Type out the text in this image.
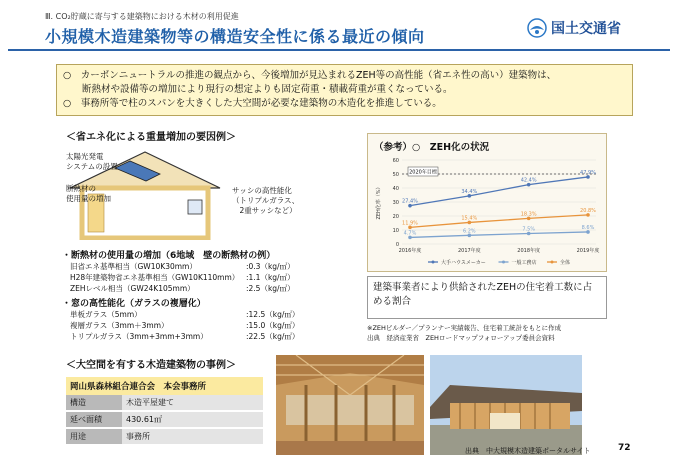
Ⅲ. CO₂貯蔵に寄与する建築物における木材の利用促進
小規模木造建築物等の構造安全性に係る最近の傾向	国土交通省
○　カーボンニュートラルの推進の観点から、今後増加が見込まれるZEH等の高性能（省エネ性の高い）建築物は、
　　断熱材や設備等の増加により現行の想定よりも固定荷重・積載荷重が重くなっている。
○　事務所等で柱のスパンを大きくした大空間が必要な建築物の木造化を推進している。
＜省エネ化による重量増加の要因例＞
太陽光発電
システムの設置
断熱材の
使用量の増加
サッシの高性能化
（トリプルガラス、
　2重サッシなど）
・断熱材の使用量の増加（6地域　壁の断熱材の例）
旧省エネ基準相当（GW10K30mm）	:0.3（kg/㎡）
H28年建築物省エネ基準相当（GW10K110mm） :1.1（kg/㎡）
ZEHレベル相当（GW24K105mm）	:2.5（kg/㎡）
・窓の高性能化（ガラスの複層化）
単板ガラス（5mm）	:12.5（kg/㎡）
複層ガラス（3mm＋3mm）	:15.0（kg/㎡）
トリプルガラス（3mm+3mm+3mm）	:22.5（kg/㎡）
（参考）○　ZEH化の状況
0
10
20
30
40
50
60
ZEH化率（%）
2020年目標
2016年度	2017年度	2018年度	2019年度
27.4%
34.4%
42.4%
47.9%
4.7%	6.2%	7.5%	8.6%
11.9%
15.4%
18.3%
20.8%
大手ハウスメーカー	一般工務店	全体
建築事業者により供給されたZEHの住宅着工数に占める割合
※ZEHビルダー／プランナー実績報告、住宅着工統計をもとに作成
出典　経済産業省　ZEHロードマップフォローアップ委員会資料
＜大空間を有する木造建築物の事例＞
岡山県森林組合連合会　本会事務所
構造	木造平屋建て
延べ面積	430.61㎡
用途	事務所
出典　中大規模木造建築ポータルサイト	72
